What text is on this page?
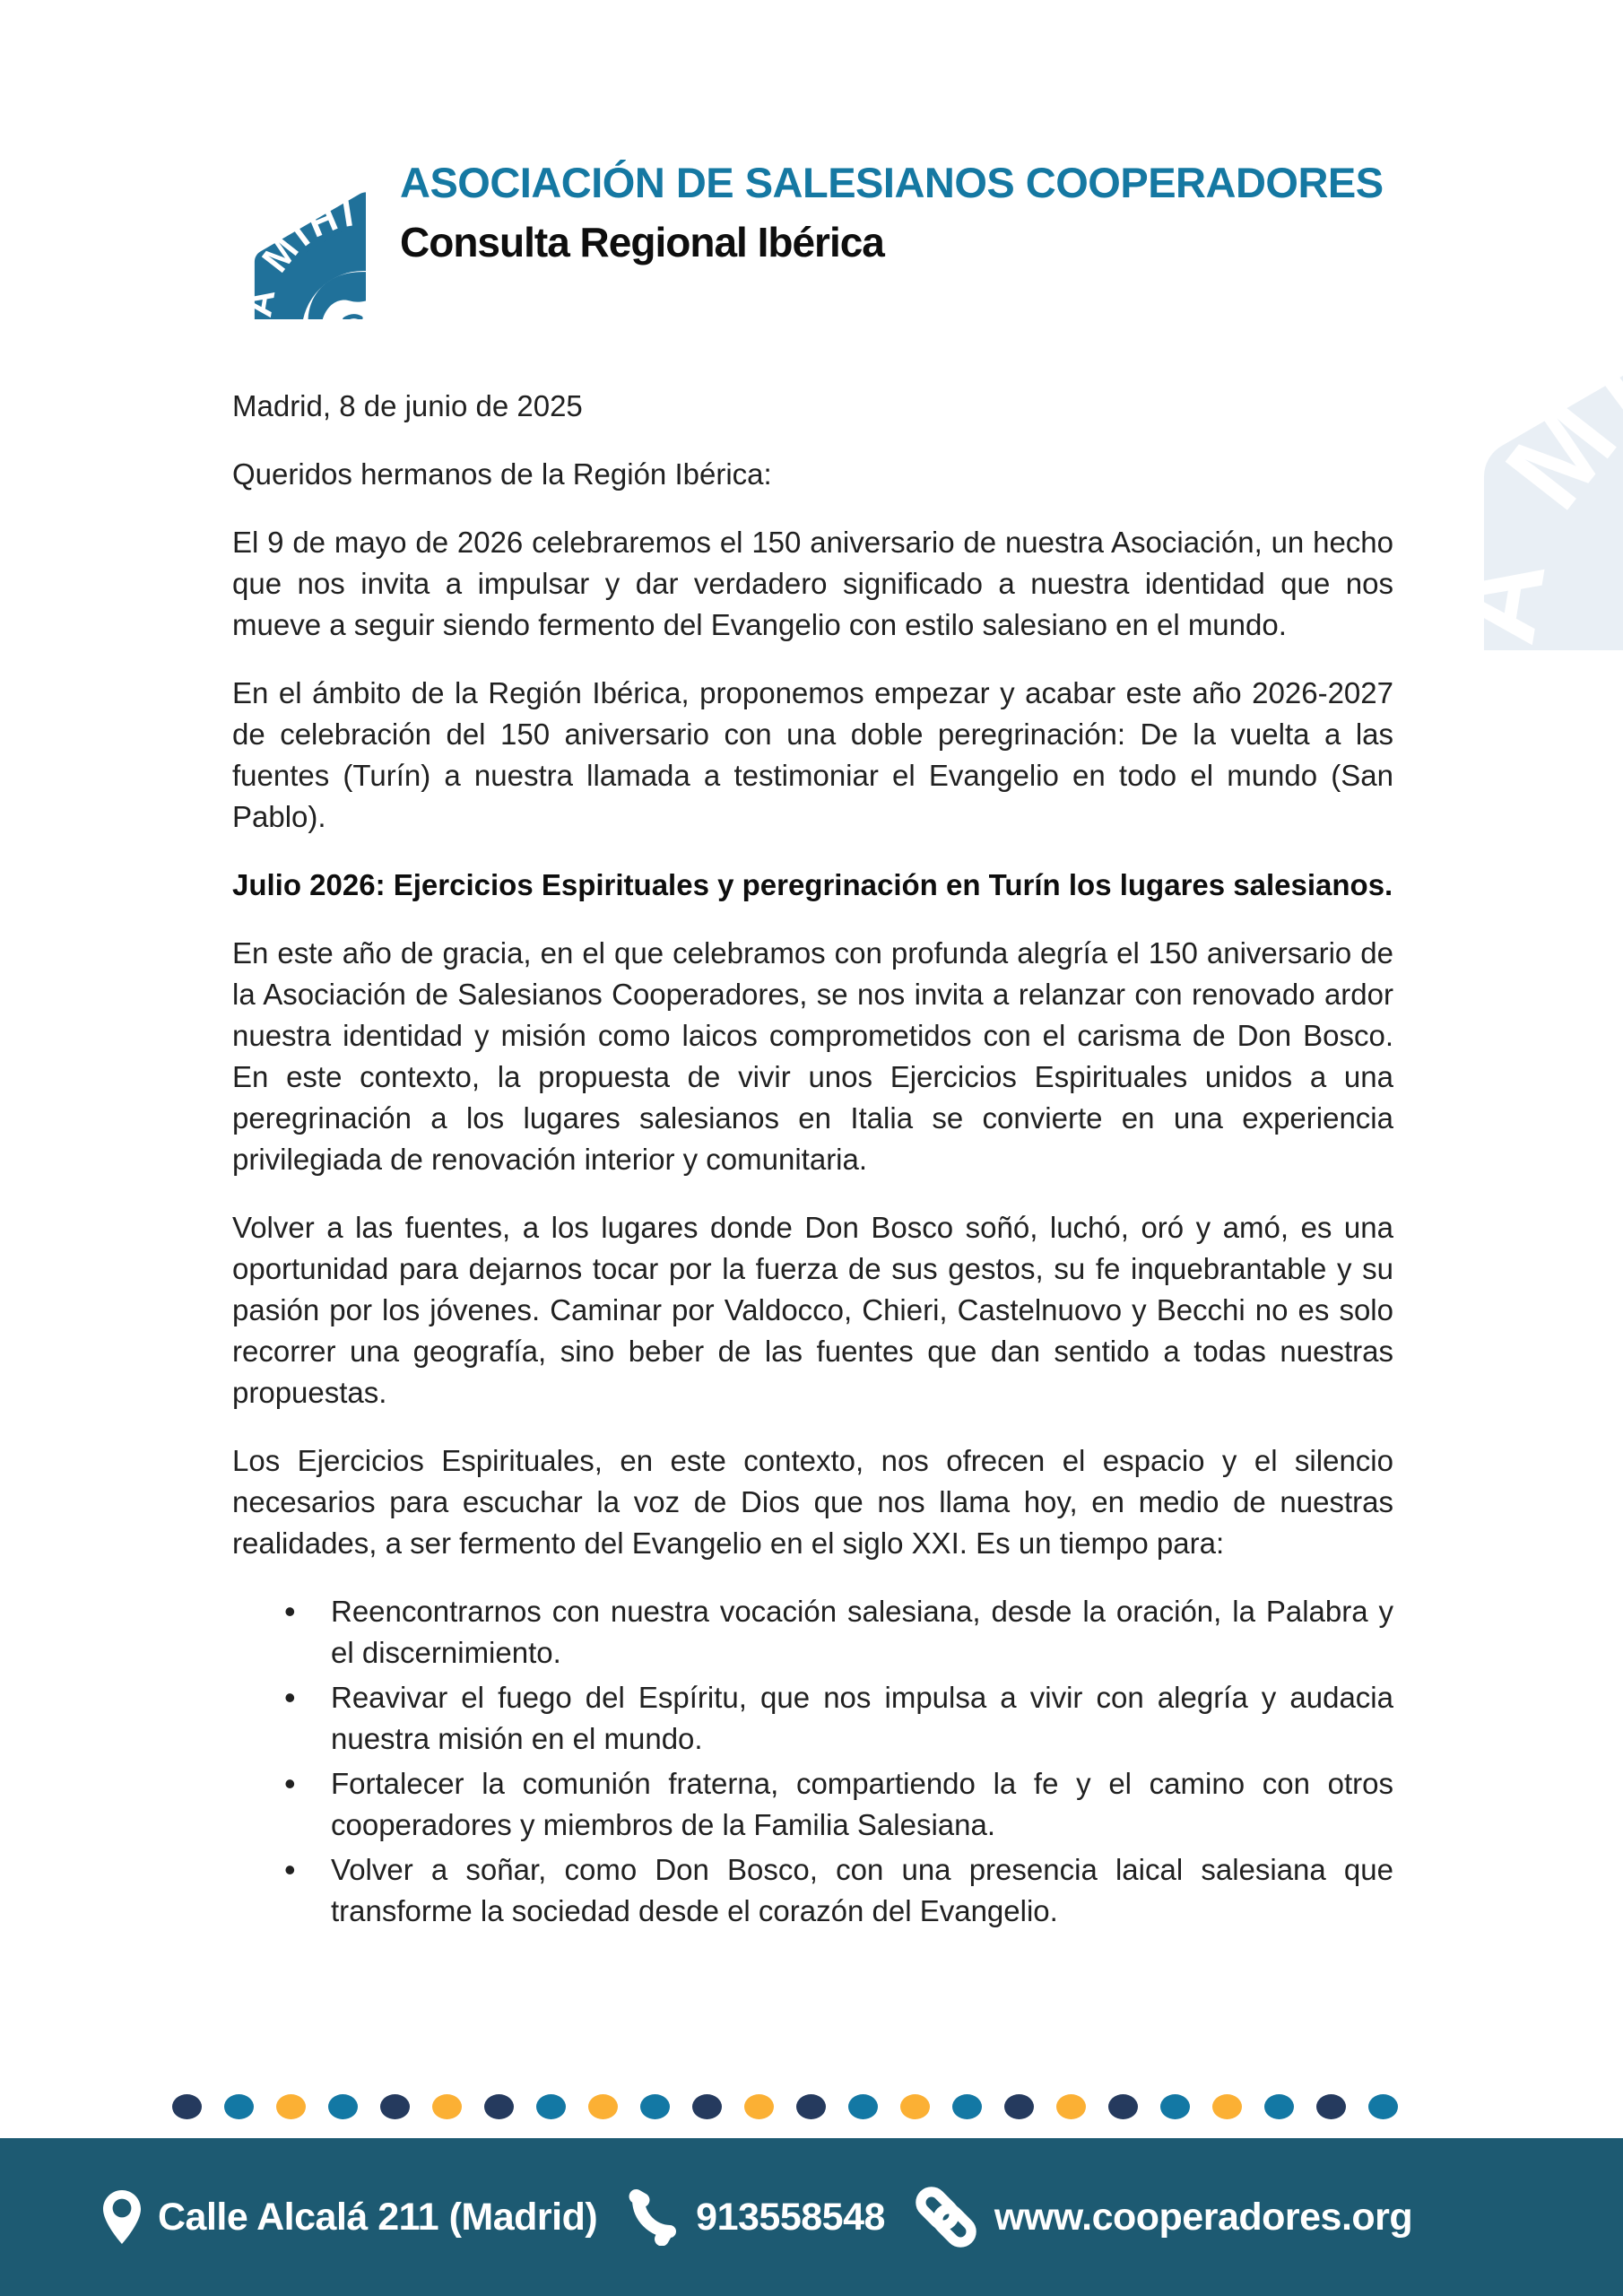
ASOCIACIÓN DE SALESIANOS COOPERADORES
Consulta Regional Ibérica

Madrid, 8 de junio de 2025

Queridos hermanos de la Región Ibérica:

El 9 de mayo de 2026 celebraremos el 150 aniversario de nuestra Asociación, un hecho que nos invita a impulsar y dar verdadero significado a nuestra identidad que nos mueve a seguir siendo fermento del Evangelio con estilo salesiano en el mundo.

En el ámbito de la Región Ibérica, proponemos empezar y acabar este año 2026-2027 de celebración del 150 aniversario con una doble peregrinación: De la vuelta a las fuentes (Turín) a nuestra llamada a testimoniar el Evangelio en todo el mundo (San Pablo).

Julio 2026: Ejercicios Espirituales y peregrinación en Turín los lugares salesianos.

En este año de gracia, en el que celebramos con profunda alegría el 150 aniversario de la Asociación de Salesianos Cooperadores, se nos invita a relanzar con renovado ardor nuestra identidad y misión como laicos comprometidos con el carisma de Don Bosco. En este contexto, la propuesta de vivir unos Ejercicios Espirituales unidos a una peregrinación a los lugares salesianos en Italia se convierte en una experiencia privilegiada de renovación interior y comunitaria.

Volver a las fuentes, a los lugares donde Don Bosco soñó, luchó, oró y amó, es una oportunidad para dejarnos tocar por la fuerza de sus gestos, su fe inquebrantable y su pasión por los jóvenes. Caminar por Valdocco, Chieri, Castelnuovo y Becchi no es solo recorrer una geografía, sino beber de las fuentes que dan sentido a todas nuestras propuestas.

Los Ejercicios Espirituales, en este contexto, nos ofrecen el espacio y el silencio necesarios para escuchar la voz de Dios que nos llama hoy, en medio de nuestras realidades, a ser fermento del Evangelio en el siglo XXI. Es un tiempo para:

• Reencontrarnos con nuestra vocación salesiana, desde la oración, la Palabra y el discernimiento.
• Reavivar el fuego del Espíritu, que nos impulsa a vivir con alegría y audacia nuestra misión en el mundo.
• Fortalecer la comunión fraterna, compartiendo la fe y el camino con otros cooperadores y miembros de la Familia Salesiana.
• Volver a soñar, como Don Bosco, con una presencia laical salesiana que transforme la sociedad desde el corazón del Evangelio.
Calle Alcalá 211 (Madrid)	913558548	www.cooperadores.org
